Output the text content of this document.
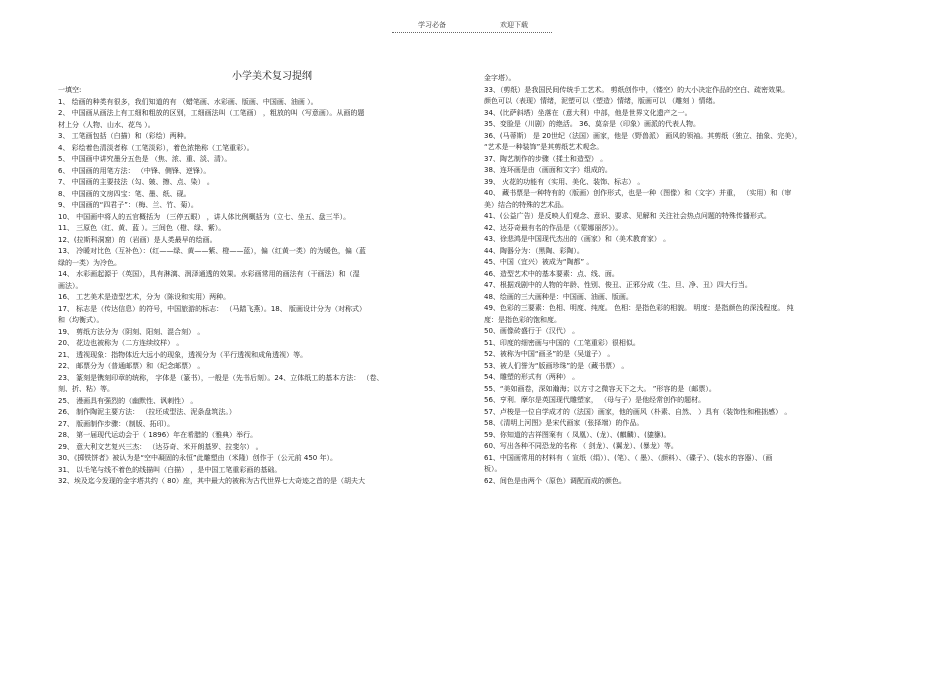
学习必备	欢迎下载
小学美术复习提纲
一填空:
1、 绘画的种类有很多，我们知道的有 （蜡笔画、水彩画、版画、中国画、油画 ）。
2、 中国画从画法上有工细和粗放的区别，工细画法叫（工笔画） ，粗放的叫（写意画）。从画的题
材上分（人物、山水、花鸟 ）。
3、 工笔画包括（白描）和（彩绘）两种。
4、 彩绘着色清淡者称（工笔淡彩），着色浓艳称（工笔重彩）。
5、 中国画中讲究墨分五色是 （焦、浓、重、淡、清）。
6、 中国画的用笔方法： （中锋、侧锋、逆锋）。
7、 中国画的主要技法（勾、皴、擦、点、染） 。
8、 中国画的文房四宝：笔、墨、纸、砚。
9、 中国画的“四君子”：（梅、兰、竹、菊）。
10、 中国画中将人的五官概括为 （三停五眼） ，讲人体比例概括为（立七、坐五、盘三半）。
11、 三原色（红、黄、蓝 ）。三间色（橙、绿、紫）。
12、(拉斯科洞窟）的（岩画）是人类最早的绘画。
13、 冷暖对比色（互补色）：(红——绿、黄——紫、橙——蓝），偏（红黄一类）的为暖色，偏（蓝
绿的一类）为冷色。
14、 水彩画起源于（英国），具有淋漓、润泽通透的效果。水彩画常用的画法有（干画法）和（湿
画法）。
16、 工艺美术是造型艺术，分为（陈设和实用）两种。
17、 标志是（传达信息）的符号，中国旅游的标志： （马踏飞燕）。18、 版画设计分为（对称式）
和（均衡式）。
19、 剪纸方法分为（阴刻、阳刻、混合刻） 。
20、 花边也被称为（二方连续纹样） 。
21、 透视现象：指物体近大远小的现象，透视分为（平行透视和成角透视）等。
22、 邮票分为（普通邮票）和（纪念邮票） 。
23、 篆刻是镌刻印章的统称， 字体是（篆书），一般是（先书后刻）。24、立体纸工的基本方法： （卷、
刻、折、粘）等。
25、 漫画具有强烈的（幽默性、讽刺性） 。
26、 制作陶泥主要方法： （拉坯成型法、泥条盘筑法。）
27、 版画制作步骤：（制版、拓印）。
28、 第一届现代运动会于（ 1896）年在希腊的（雅典）举行。
29、 意大利文艺复兴三杰： （达芬奇、米开朗基罗、拉斐尔） 。
30、《掷铁饼者》被认为是“空中凝固的永恒”此雕塑由（米隆）创作于（公元前 450 年）。
31、 以毛笔与线不着色的线描叫（白描） ，是中国工笔重彩画的基础。
32、埃及迄今发现的金字塔共约（ 80）座，其中最大的被称为古代世界七大奇迹之首的是（胡夫大
金字塔）。
33、（剪纸）是我国民间传统手工艺术。 剪纸创作中，（镂空）的大小决定作品的空白、疏密效果。
颜色可以（表现）情绪，泥塑可以（塑造）情绪，版画可以 （雕刻 ）情绪。
34、(比萨斜塔）坐落在（意大利）中部，他是世界文化遗产之一。
35、变脸是（川剧）的绝活。 36、莫奈是（印象）画派的代表人物。
36、(马蒂斯） 是 20世纪（法国）画家，他是（野兽派） 画风的领袖。其剪纸（独立、抽象、完美），
“艺术是一种装饰”是其剪纸艺术观念。
37、陶艺制作的步骤（揉土和造型） 。
38、连环画是由（画面和文字）组成的。
39、 火花的功能有（实用、美化、装饰、标志） 。
40、 藏书票是一种特有的（版画）创作形式，也是一种（图像）和（文字）并重， （实用）和（审
美）结合的特殊的艺术品。
41、(公益广告）是反映人们观念、意识、要求、见解和 关注社会热点问题的特殊传播形式。
42、达芬奇最有名的作品是（《蒙娜丽莎》）。
43、徐悲鸿是中国现代杰出的（画家）和（美术教育家） 。
44、陶器分为：（黑陶、彩陶）。
45、中国（宜兴）被成为“陶都” 。
46、造型艺术中的基本要素：点、线、面。
47、根据戏剧中的人物的年龄、性别、俊丑、正邪分成（生、旦、净、丑）四大行当。
48、绘画的三大画种是：中国画、油画、版画。
49、色彩的三要素：色相、明度、纯度。 色相：是指色彩的相貌。 明度：是指颜色的深浅程度。 纯
度：是指色彩的饱和度。
50、画像砖盛行于（汉代） 。
51、印度的细密画与中国的（工笔重彩）很相似。
52、被称为中国“画圣”的是（吴道子） 。
53、被人们誉为“版画珍珠”的是（藏书票） 。
54、雕塑的形式有（两种） 。
55、“美如画卷，深如瀚海；以方寸之微容天下之大。 ”形容的是（邮票）。
56、亨利．摩尔是英国现代雕塑家， （母与子）是他经常创作的题材。
57、卢梭是一位自学成才的（法国）画家，他的画风（朴素、自然、 ）具有（装饰性和稚拙感） 。
58、《清明上河图》是宋代画家（张择端）的作品。
59、你知道的吉祥图案有（ 凤凰）、(龙）、(麒麟）、(貔貅)。
60、写出各种不同恐龙的名称 （ 剑龙）、(翼龙）、(暴龙）等。
61、中国画常用的材料有（ 宣纸（绢））、(笔）、（ 墨）、（颜料）、（碟子）、(装水的容器）、（画
板）。
62、间色是由两个（原色）调配而成的颜色。
